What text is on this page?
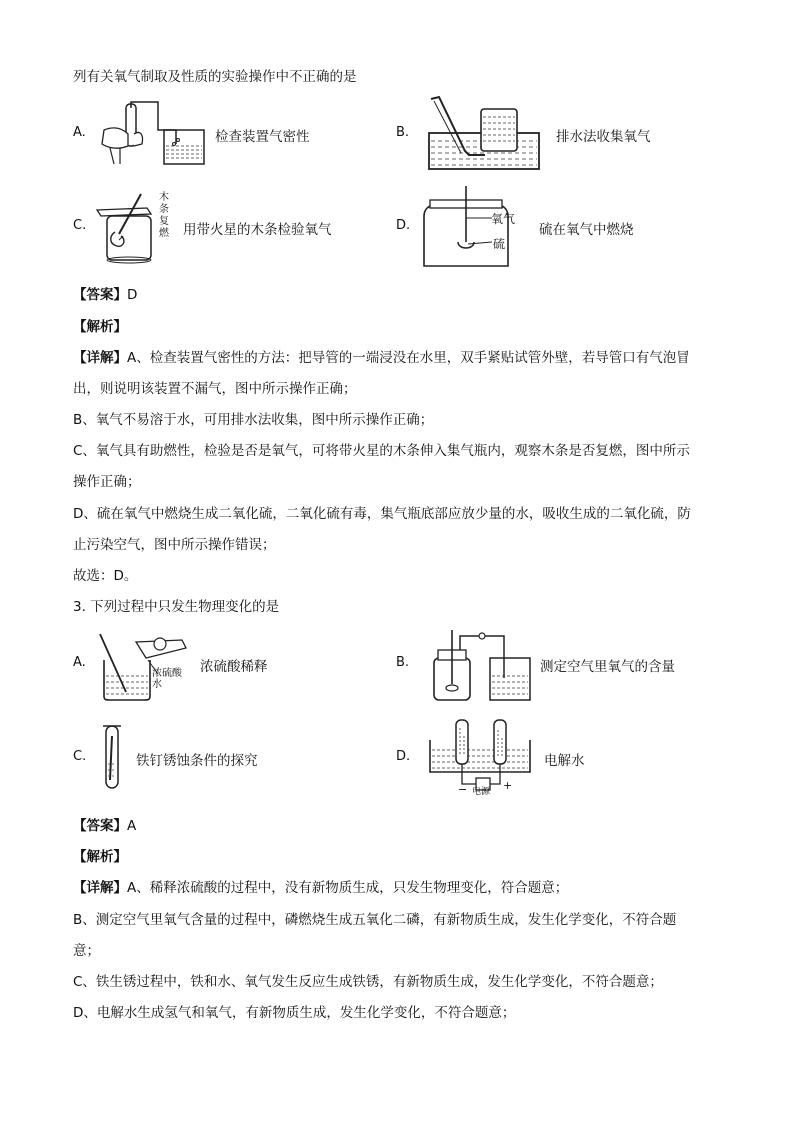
列有关氧气制取及性质的实验操作中不正确的是
A.	检查装置气密性	B.	排水法收集氧气
C.
木
条
复
燃 用带火星的木条检验氧气	D.	氧气
硫
硫在氧气中燃烧
【答案】D
【解析】
【详解】A、检查装置气密性的方法：把导管的一端浸没在水里，双手紧贴试管外壁，若导管口有气泡冒
出，则说明该装置不漏气，图中所示操作正确；
B、氧气不易溶于水，可用排水法收集，图中所示操作正确；
C、氧气具有助燃性，检验是否是氧气，可将带火星的木条伸入集气瓶内，观察木条是否复燃，图中所示
操作正确；
D、硫在氧气中燃烧生成二氧化硫，二氧化硫有毒，集气瓶底部应放少量的水，吸收生成的二氧化硫，防
止污染空气，图中所示操作错误；
故选：D。
3. 下列过程中只发生物理变化的是
A.
浓硫酸
水
浓硫酸稀释	B.	测定空气里氧气的含量
C.	铁钉锈蚀条件的探究	D.
− 电源 +
电解水
【答案】A
【解析】
【详解】A、稀释浓硫酸的过程中，没有新物质生成，只发生物理变化，符合题意；
B、测定空气里氧气含量的过程中，磷燃烧生成五氧化二磷，有新物质生成，发生化学变化，不符合题
意；
C、铁生锈过程中，铁和水、氧气发生反应生成铁锈，有新物质生成，发生化学变化，不符合题意；
D、电解水生成氢气和氧气，有新物质生成，发生化学变化，不符合题意；
